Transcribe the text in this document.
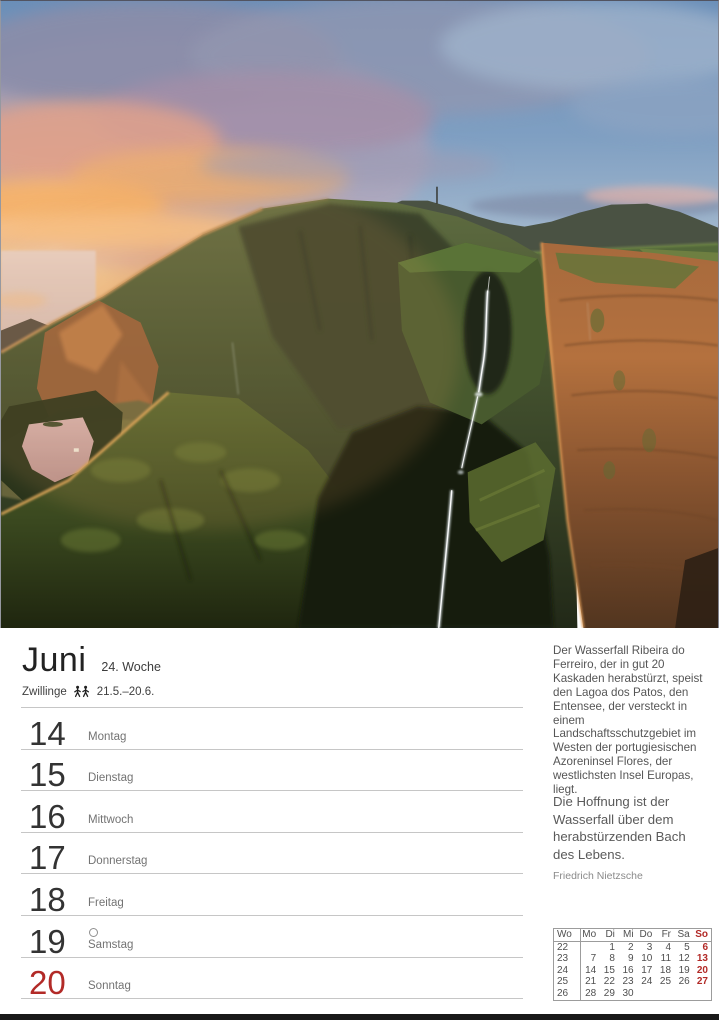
Juni 24. Woche
Zwillinge	21.5.–20.6.
14	Montag
15	Dienstag
16	Mittwoch
17	Donnerstag
18	Freitag
19	Samstag
20	Sonntag

Der Wasserfall Ribeira do Ferreiro, der in gut 20 Kaskaden herabstürzt, speist den Lagoa dos Patos, den Entensee, der versteckt in einem Landschaftsschutzgebiet im Westen der portugiesischen Azoreninsel Flores, der westlichsten Insel Europas, liegt.

Die Hoffnung ist der Wasserfall über dem herabstürzenden Bach des Lebens.

Friedrich Nietzsche

Wo	Mo	Di	Mi	Do	Fr	Sa	So
22		1	2	3	4	5	6
23	7	8	9	10	11	12	13
24	14	15	16	17	18	19	20
25	21	22	23	24	25	26	27
26	28	29	30				
